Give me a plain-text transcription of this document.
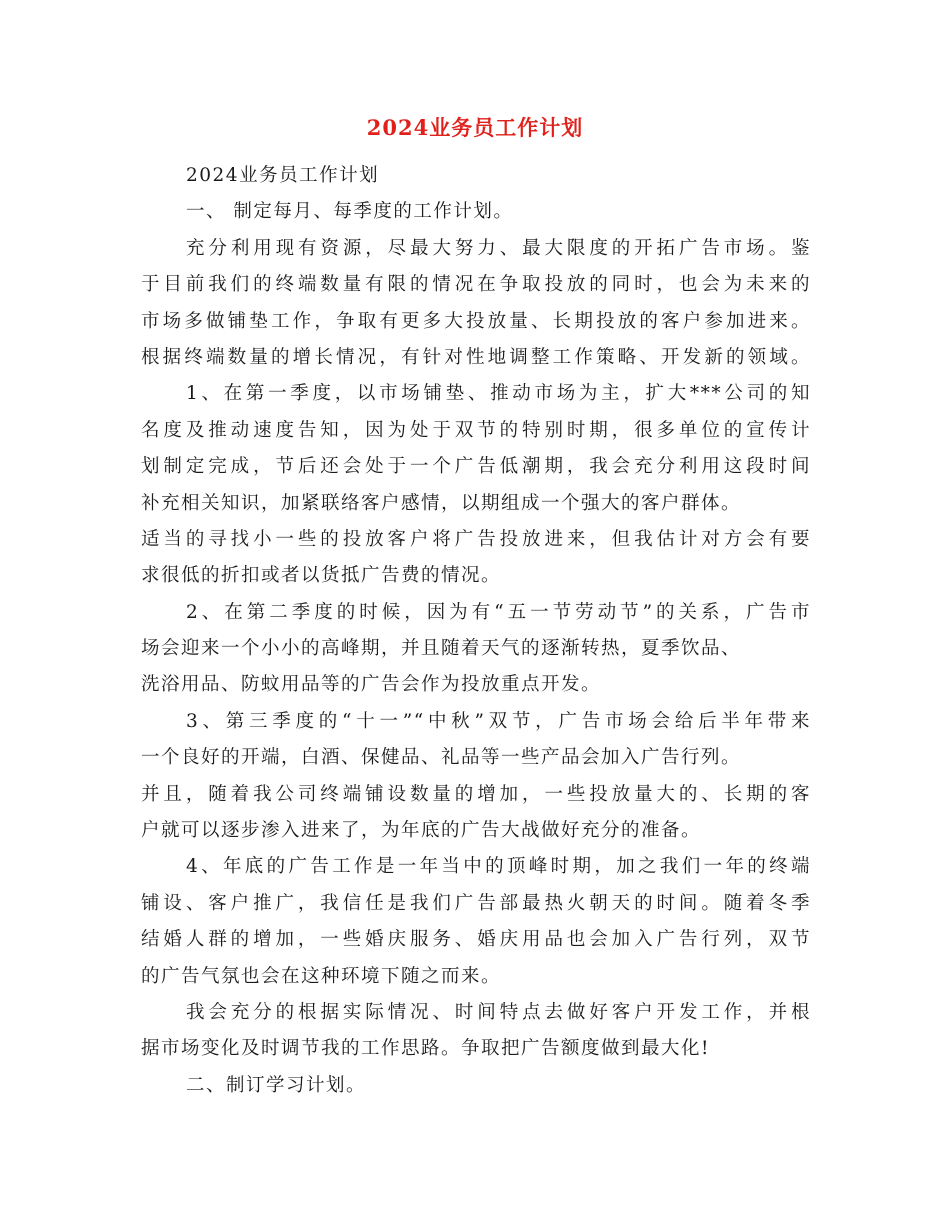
2024业务员工作计划
2024业务员工作计划
一、 制定每月、每季度的工作计划。
充分利用现有资源，尽最大努力、最大限度的开拓广告市场。鉴
于目前我们的终端数量有限的情况在争取投放的同时，也会为未来的
市场多做铺垫工作，争取有更多大投放量、长期投放的客户参加进来。
根据终端数量的增长情况，有针对性地调整工作策略、开发新的领域。
1、在第一季度，以市场铺垫、推动市场为主，扩大***公司的知
名度及推动速度告知，因为处于双节的特别时期，很多单位的宣传计
划制定完成，节后还会处于一个广告低潮期，我会充分利用这段时间
补充相关知识，加紧联络客户感情，以期组成一个强大的客户群体。
适当的寻找小一些的投放客户将广告投放进来，但我估计对方会有要
求很低的折扣或者以货抵广告费的情况。
2、在第二季度的时候，因为有“五一节劳动节”的关系，广告市
场会迎来一个小小的高峰期，并且随着天气的逐渐转热，夏季饮品、
洗浴用品、防蚊用品等的广告会作为投放重点开发。
3、第三季度的“十一”“中秋”双节，广告市场会给后半年带来
一个良好的开端，白酒、保健品、礼品等一些产品会加入广告行列。
并且，随着我公司终端铺设数量的增加，一些投放量大的、长期的客
户就可以逐步渗入进来了，为年底的广告大战做好充分的准备。
4、年底的广告工作是一年当中的顶峰时期，加之我们一年的终端
铺设、客户推广，我信任是我们广告部最热火朝天的时间。随着冬季
结婚人群的增加，一些婚庆服务、婚庆用品也会加入广告行列，双节
的广告气氛也会在这种环境下随之而来。
我会充分的根据实际情况、时间特点去做好客户开发工作，并根
据市场变化及时调节我的工作思路。争取把广告额度做到最大化!
二、制订学习计划。
